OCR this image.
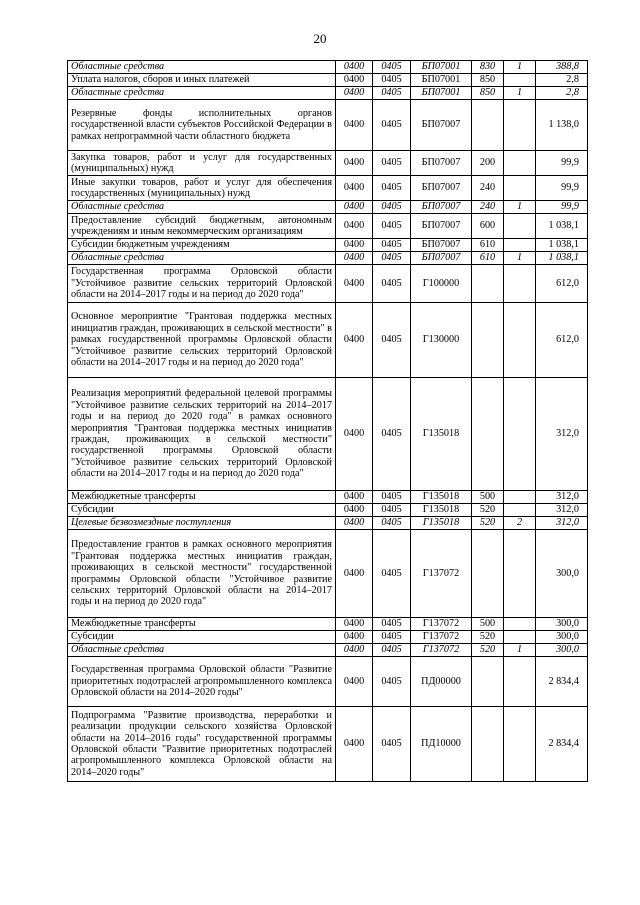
20
Областные средства	0400	0405	БП07001	830	1	388,8
Уплата налогов, сборов и иных платежей	0400	0405	БП07001	850		2,8
Областные средства	0400	0405	БП07001	850	1	2,8
Резервные фонды исполнительных органов государственной власти субъектов Российской Федерации в рамках непрограммной части областного бюджета	0400	0405	БП07007			1 138,0
Закупка товаров, работ и услуг для государственных (муниципальных) нужд	0400	0405	БП07007	200		99,9
Иные закупки товаров, работ и услуг для обеспечения государственных (муниципальных) нужд	0400	0405	БП07007	240		99,9
Областные средства	0400	0405	БП07007	240	1	99,9
Предоставление субсидий бюджетным, автономным учреждениям и иным некоммерческим организациям	0400	0405	БП07007	600		1 038,1
Субсидии бюджетным учреждениям	0400	0405	БП07007	610		1 038,1
Областные средства	0400	0405	БП07007	610	1	1 038,1
Государственная программа Орловской области "Устойчивое развитие сельских территорий Орловской области на 2014–2017 годы и на период до 2020 года"	0400	0405	Г100000			612,0
Основное мероприятие "Грантовая поддержка местных инициатив граждан, проживающих в сельской местности" в рамках государственной программы Орловской области "Устойчивое развитие сельских территорий Орловской области на 2014–2017 годы и на период до 2020 года"	0400	0405	Г130000			612,0
Реализация мероприятий федеральной целевой программы "Устойчивое развитие сельских территорий на 2014–2017 годы и на период до 2020 года" в рамках основного мероприятия "Грантовая поддержка местных инициатив граждан, проживающих в сельской местности" государственной программы Орловской области "Устойчивое развитие сельских территорий Орловской области на 2014–2017 годы и на период до 2020 года"	0400	0405	Г135018			312,0
Межбюджетные трансферты	0400	0405	Г135018	500		312,0
Субсидии	0400	0405	Г135018	520		312,0
Целевые безвозмездные поступления	0400	0405	Г135018	520	2	312,0
Предоставление грантов в рамках основного мероприятия "Грантовая поддержка местных инициатив граждан, проживающих в сельской местности" государственной программы Орловской области "Устойчивое развитие сельских территорий Орловской области на 2014–2017 годы и на период до 2020 года"	0400	0405	Г137072			300,0
Межбюджетные трансферты	0400	0405	Г137072	500		300,0
Субсидии	0400	0405	Г137072	520		300,0
Областные средства	0400	0405	Г137072	520	1	300,0
Государственная программа Орловской области "Развитие приоритетных подотраслей агропромышленного комплекса Орловской области на 2014–2020 годы"	0400	0405	ПД00000			2 834,4
Подпрограмма "Развитие производства, переработки и реализации продукции сельского хозяйства Орловской области на 2014–2016 годы" государственной программы Орловской области "Развитие приоритетных подотраслей агропромышленного комплекса Орловской области на 2014–2020 годы"	0400	0405	ПД10000			2 834,4
